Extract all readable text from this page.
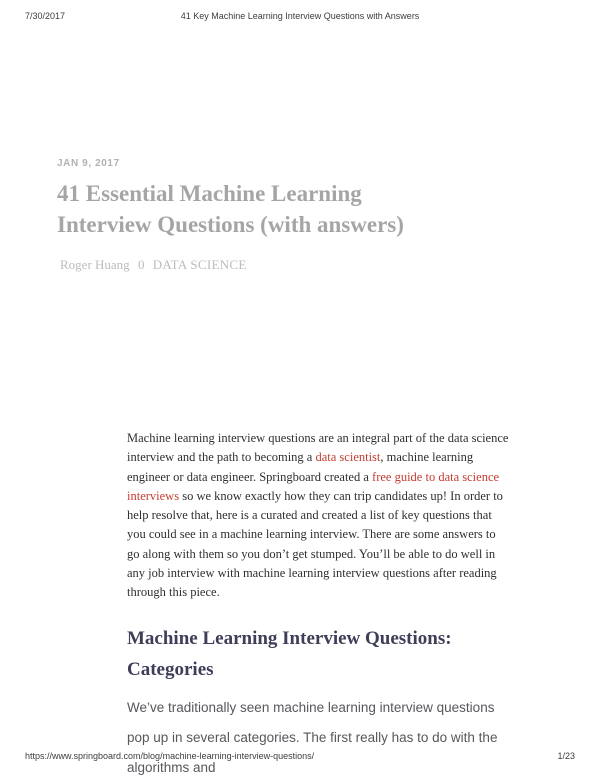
7/30/2017	41 Key Machine Learning Interview Questions with Answers
JAN 9, 2017
41 Essential Machine Learning Interview Questions (with answers)
Roger Huang 0 DATA SCIENCE

Machine learning interview questions are an integral part of the data science interview and the path to becoming a data scientist, machine learning engineer or data engineer. Springboard created a free guide to data science interviews so we know exactly how they can trip candidates up! In order to help resolve that, here is a curated and created a list of key questions that you could see in a machine learning interview. There are some answers to go along with them so you don’t get stumped. You’ll be able to do well in any job interview with machine learning interview questions after reading through this piece.

Machine Learning Interview Questions: Categories

We’ve traditionally seen machine learning interview questions pop up in several categories. The first really has to do with the algorithms and

https://www.springboard.com/blog/machine-learning-interview-questions/	1/23
